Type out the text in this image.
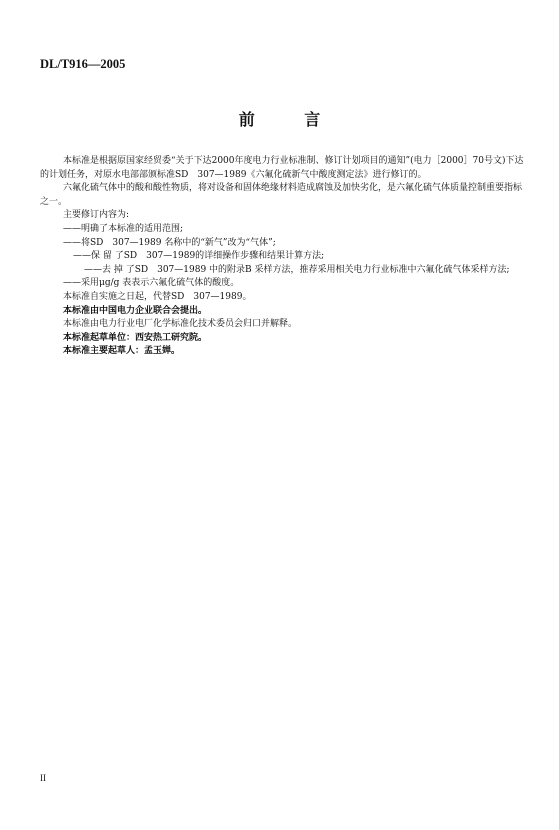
DL/T916—2005
前 言

本标准是根据原国家经贸委“关于下达2000年度电力行业标准制、修订计划项目的通知”(电力［2000］70号文)下达的计划任务，对原水电部部颁标准SD　307—1989《六氟化硫新气中酸度测定法》进行修订的。

六氟化硫气体中的酸和酸性物质，将对设备和固体绝缘材料造成腐蚀及加快劣化，是六氟化硫气体质量控制重要指标之一。

主要修订内容为:

——明确了本标准的适用范围;

——将SD　307—1989 名称中的“新气”改为“气体”;

——保 留 了SD　307—1989的详细操作步骤和结果计算方法;

——去 掉 了SD　307—1989 中的附录B 采样方法，推荐采用相关电力行业标准中六氟化硫气体采样方法;

——采用μg/g 表表示六氟化硫气体的酸度。

本标准自实施之日起，代替SD　307—1989。

本标准由中国电力企业联合会提出。

本标准由电力行业电厂化学标准化技术委员会归口并解释。

本标准起草单位：西安热工研究院。

本标准主要起草人：孟玉婵。

II
